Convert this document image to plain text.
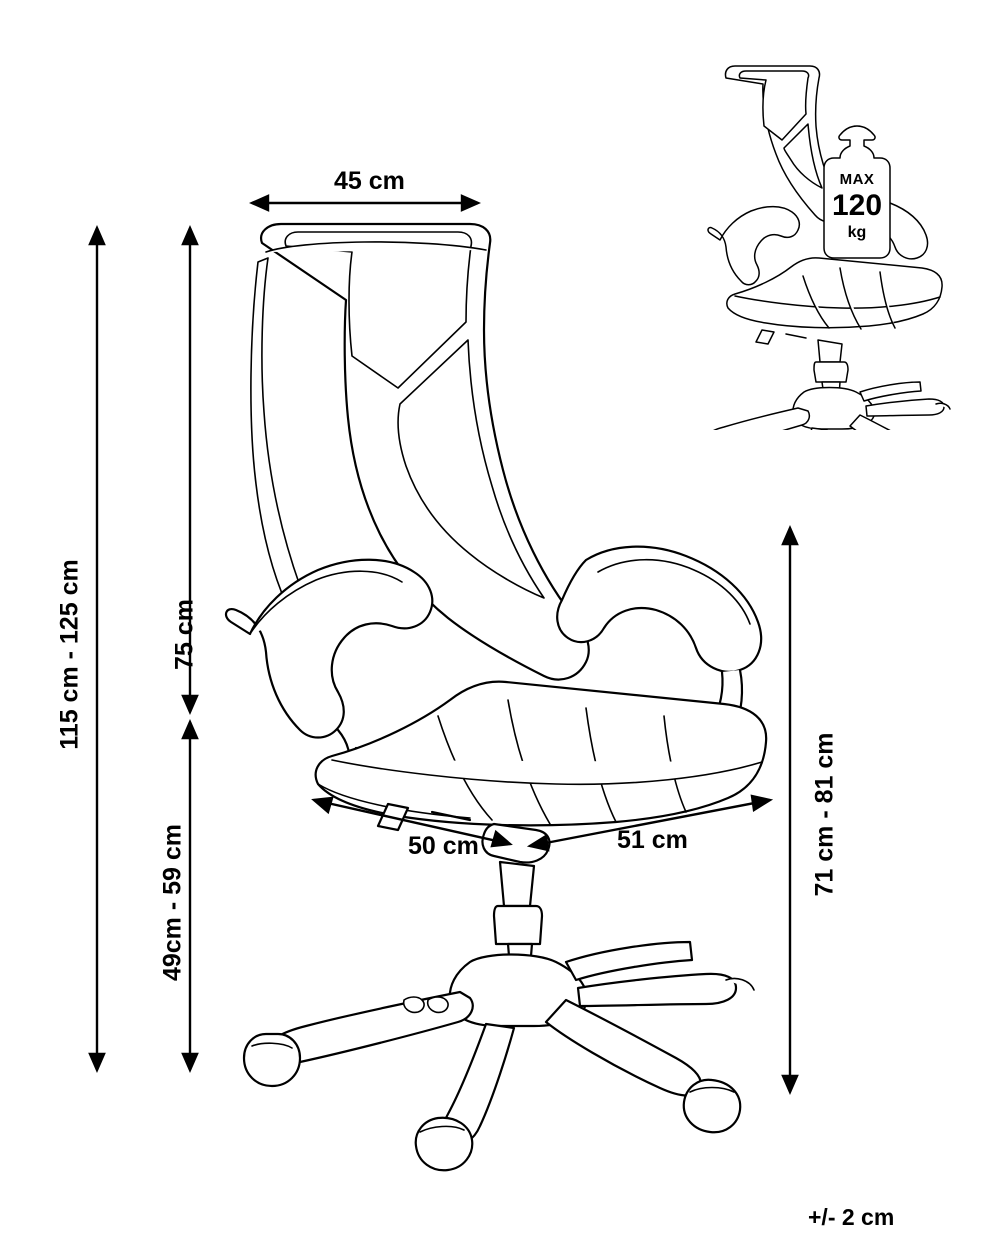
45 cm
75 cm
115 cm - 125 cm
49cm - 59 cm	50 cm	51 cm	71 cm - 81 cm
+/- 2 cm
MAX
120
kg
